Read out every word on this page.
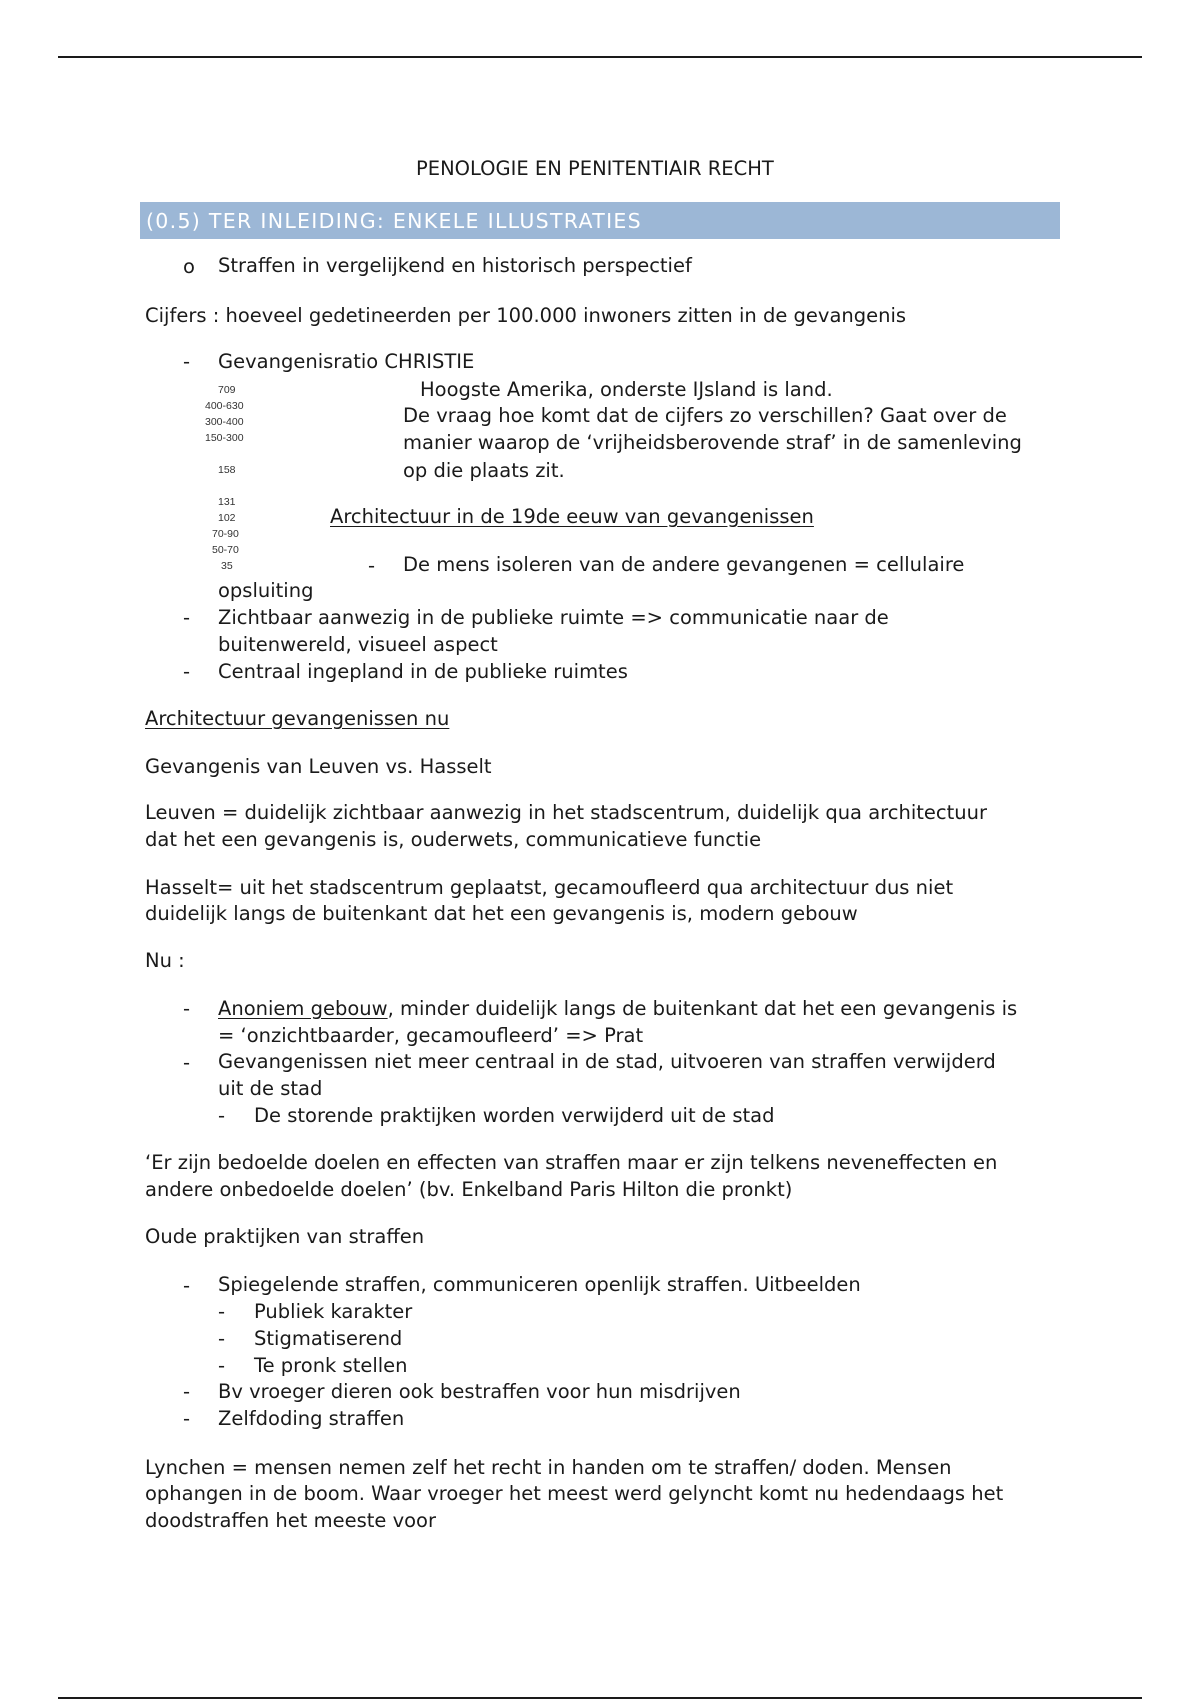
PENOLOGIE EN PENITENTIAIR RECHT
(0.5) TER INLEIDING: ENKELE ILLUSTRATIES
o Straffen in vergelijkend en historisch perspectief
Cijfers : hoeveel gedetineerden per 100.000 inwoners zitten in de gevangenis
- Gevangenisratio CHRISTIE
709
400-630
300-400
150-300
158
131
102
70-90
50-70
35
Hoogste Amerika, onderste IJsland is land.
De vraag hoe komt dat de cijfers zo verschillen? Gaat over de
manier waarop de ‘vrijheidsberovende straf’ in de samenleving
op die plaats zit.
Architectuur in de 19de eeuw van gevangenissen
- De mens isoleren van de andere gevangenen = cellulaire
opsluiting
- Zichtbaar aanwezig in de publieke ruimte => communicatie naar de
buitenwereld, visueel aspect
- Centraal ingepland in de publieke ruimtes
Architectuur gevangenissen nu
Gevangenis van Leuven vs. Hasselt
Leuven = duidelijk zichtbaar aanwezig in het stadscentrum, duidelijk qua architectuur
dat het een gevangenis is, ouderwets, communicatieve functie
Hasselt= uit het stadscentrum geplaatst, gecamoufleerd qua architectuur dus niet
duidelijk langs de buitenkant dat het een gevangenis is, modern gebouw
Nu :
- Anoniem gebouw, minder duidelijk langs de buitenkant dat het een gevangenis is
= ‘onzichtbaarder, gecamoufleerd’ => Prat
- Gevangenissen niet meer centraal in de stad, uitvoeren van straffen verwijderd
uit de stad
- De storende praktijken worden verwijderd uit de stad
‘Er zijn bedoelde doelen en effecten van straffen maar er zijn telkens neveneffecten en
andere onbedoelde doelen’ (bv. Enkelband Paris Hilton die pronkt)
Oude praktijken van straffen
- Spiegelende straffen, communiceren openlijk straffen. Uitbeelden
- Publiek karakter
- Stigmatiserend
- Te pronk stellen
- Bv vroeger dieren ook bestraffen voor hun misdrijven
- Zelfdoding straffen
Lynchen = mensen nemen zelf het recht in handen om te straffen/ doden. Mensen
ophangen in de boom. Waar vroeger het meest werd gelyncht komt nu hedendaags het
doodstraffen het meeste voor
